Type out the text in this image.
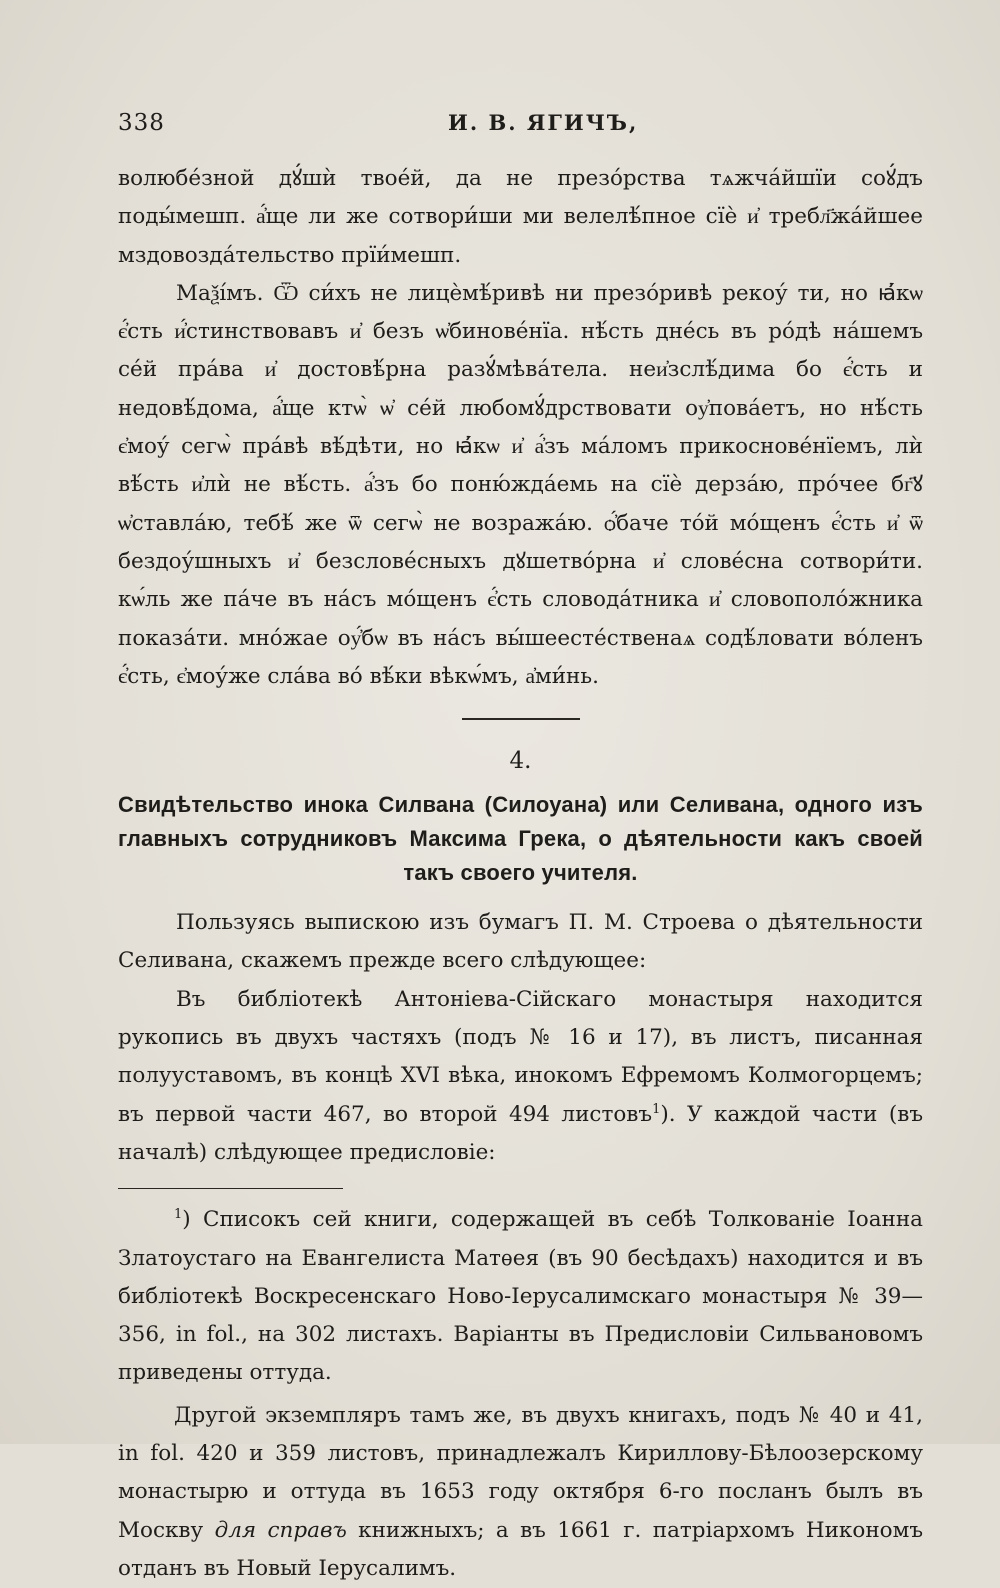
338	И. В. ЯГИЧЪ,

волюбéзной дꙋ́шѝ твоéй, да не презóрства тѧжча́йшïи соꙋ́дъ поды́мешп. а҆́ще ли же сотвори́ши ми велелѣ́пное сїѐ и҆ требл҃жа́йшее мздовоздáтельство прïи́мешп.

Маѯі́мъ. Ѿ си́хъ не лицѐмѣ́ривѣ ни презóривѣ рекоу́ ти, но ꙗ҆́кѡ є҆́сть и҆́стинствовавъ и҆ безъ ѡ҆бинове́нїа. нѣ́сть днéсь въ рóдѣ на́шемъ сéй пра́ва и҆ достовѣ́рна разꙋ́мѣва́тела. неи҆зслѣ́дима бо є҆́сть и недовѣ́дома, а҆́ще ктѡ̀ ѡ҆ сéй любомꙋ́дрствовати оу҆повáетъ, но нѣ́сть є҆моу́ сегѡ̀ пра́вѣ вѣ́дѣти, но ꙗ҆́кѡ и҆ а҆́зъ ма́ломъ прикосновéнїемъ, лѝ вѣ́сть и҆лѝ не вѣ́сть. а҆́зъ бо поню́ждáемь на сїѐ дерзáю, прóчее бг҃ꙋ ѡ҆ставлáю, тебѣ́ же ѿ сегѡ̀ не возражáю. ѻ҆́баче тóй мóщенъ є҆́сть и҆ ѿ бездоу́шныхъ и҆ безслове́сныхъ дꙋшетвóрна и҆ словéсна сотвори́ти. кѡ́ль же пáче въ нáсъ мóщенъ є҆́сть словодáтника и҆ словополóжника показáти. мнóжае оу҆́бѡ въ нáсъ вы́шеестéственаѧ содѣ́ловати вóленъ є҆́сть, є҆моу́же слáва вó вѣ́ки вѣкѡ́мъ, а҆ми́нь.

4.
Свидѣтельство инока Силвана (Силоуана) или Селивана, одного изъ главныхъ сотрудниковъ Максима Грека, о дѣятельности какъ своей такъ своего учителя.

Пользуясь выпискою изъ бумагъ П. М. Строева о дѣятельности Селивана, скажемъ прежде всего слѣдующее:

Въ библіотекѣ Антоніева-Сійскаго монастыря находится рукопись въ двухъ частяхъ (подъ № 16 и 17), въ листъ, писанная полууставомъ, въ концѣ XVI вѣка, инокомъ Ефремомъ Колмогорцемъ; въ первой части 467, во второй 494 листовъ$^1$). У каждой части (въ началѣ) слѣдующее предисловіе:

$^1$) Списокъ сей книги, содержащей въ себѣ Толкованіе Іоанна Златоустаго на Евангелиста Матѳея (въ 90 бесѣдахъ) находится и въ библіотекѣ Воскресенскаго Ново-Іерусалимскаго монастыря № 39—356, in fol., на 302 листахъ. Варіанты въ Предисловіи Сильвановомъ приведены оттуда.

Другой экземпляръ тамъ же, въ двухъ книгахъ, подъ № 40 и 41, in fol. 420 и 359 листовъ, принадлежалъ Кириллову-Бѣлоозерскому монастырю и оттуда въ 1653 году октября 6-го посланъ былъ въ Москву для справъ книжныхъ; а въ 1661 г. патріархомъ Никономъ отданъ въ Новый Іерусалимъ.
